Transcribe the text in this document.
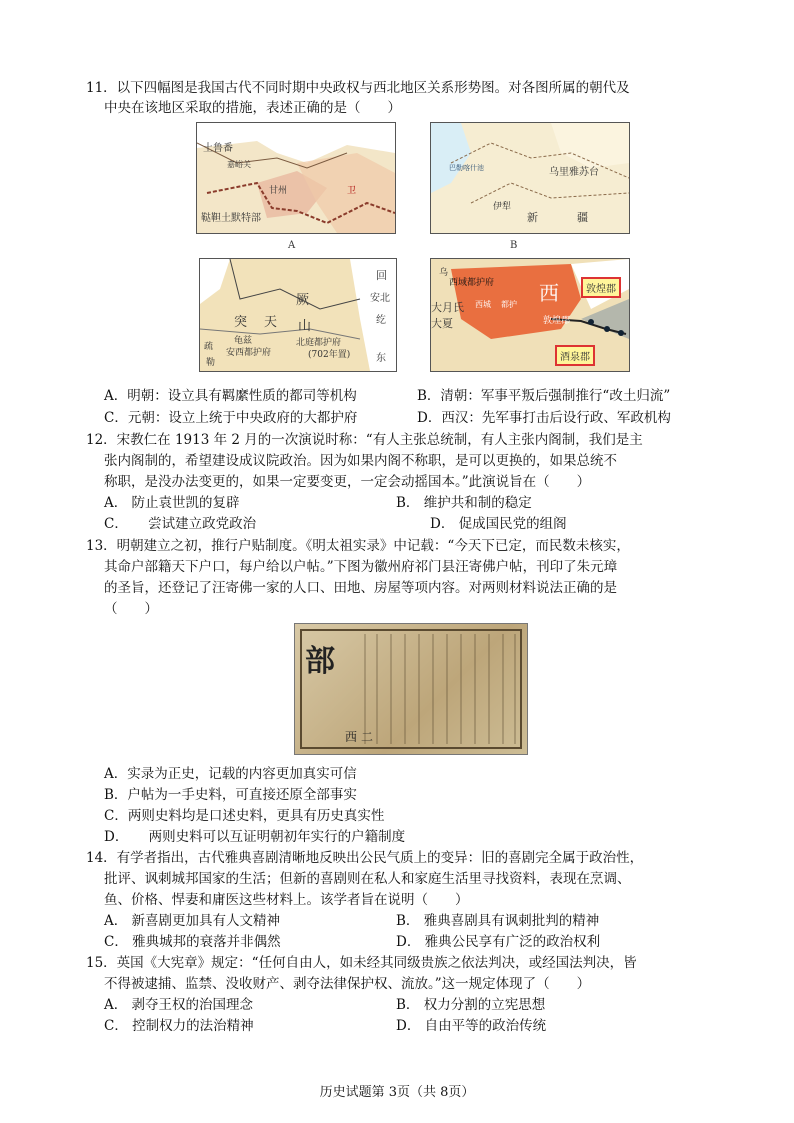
11．以下四幅图是我国古代不同时期中央政权与西北地区关系形势图。对各图所属的朝代及
中央在该地区采取的措施，表述正确的是（　　）
土鲁番
嘉峪关
甘州
鞑靼土默特部
卫
A
巴勒喀什池	乌里雅苏台
伊犁
新	疆
B
回
突
厥
天 山
安北
纥
龟兹
安西都护府
北庭都护府
(702年置)	东
疏
勒
乌
西域都护府 西
大月氏
大夏	敦煌郡
西城 都护
敦煌郡
酒泉郡
A．明朝：设立具有羁縻性质的都司等机构	B．清朝：军事平叛后强制推行“改土归流”
C．元朝：设立上统于中央政府的大都护府	D．西汉：先军事打击后设行政、军政机构
12．宋教仁在 1913 年 2 月的一次演说时称：“有人主张总统制，有人主张内阁制，我们是主
张内阁制的，希望建设成议院政治。因为如果内阁不称职，是可以更换的，如果总统不
称职，是没办法变更的，如果一定要变更，一定会动摇国本。”此演说旨在（　　）
A． 防止袁世凯的复辟	B． 维护共和制的稳定
C．　　尝试建立政党政治	D． 促成国民党的组阁
13．明朝建立之初，推行户贴制度。《明太祖实录》中记载：“今天下已定，而民数未核实，
其命户部籍天下户口，每户给以户帖。”下图为徽州府祁门县汪寄佛户帖，刊印了朱元璋
的圣旨，还登记了汪寄佛一家的人口、田地、房屋等项内容。对两则材料说法正确的是
（　　）
部
西 二
A．实录为正史，记载的内容更加真实可信
B．户帖为一手史料，可直接还原全部事实
C．两则史料均是口述史料，更具有历史真实性
D．　　两则史料可以互证明朝初年实行的户籍制度
14．有学者指出，古代雅典喜剧清晰地反映出公民气质上的变异：旧的喜剧完全属于政治性，
批评、讽刺城邦国家的生活；但新的喜剧则在私人和家庭生活里寻找资料，表现在烹调、
鱼、价格、悍妻和庸医这些材料上。该学者旨在说明（　　）
A． 新喜剧更加具有人文精神	B． 雅典喜剧具有讽刺批判的精神
C． 雅典城邦的衰落并非偶然	D． 雅典公民享有广泛的政治权利
15．英国《大宪章》规定：“任何自由人，如未经其同级贵族之依法判决，或经国法判决，皆
不得被逮捕、监禁、没收财产、剥夺法律保护权、流放。”这一规定体现了（　　）
A． 剥夺王权的治国理念	B． 权力分割的立宪思想
C． 控制权力的法治精神	D． 自由平等的政治传统
历史试题第 3页（共 8页）
